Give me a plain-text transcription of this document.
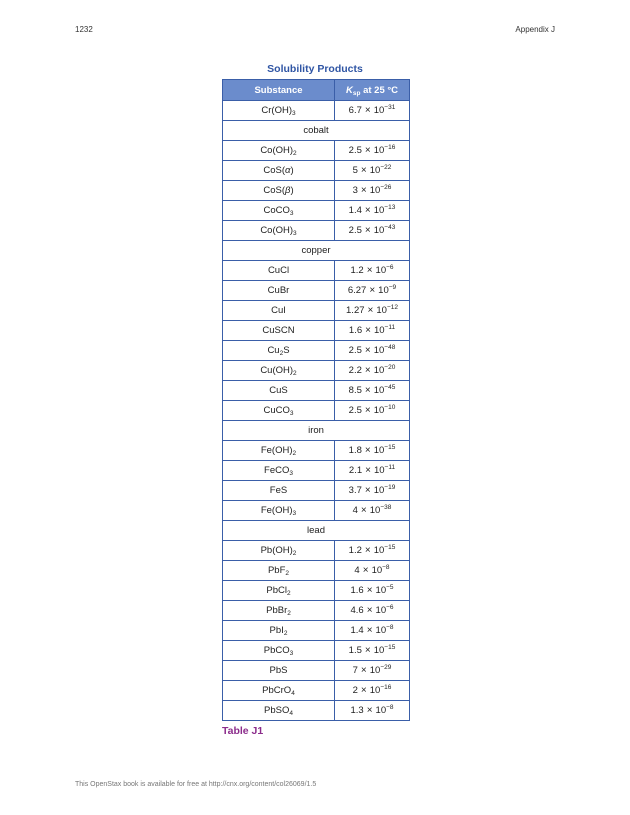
1232	Appendix J
Solubility Products
Substance	$K_{sp}$ at 25 °C
$Cr(OH)_3$	$6.7 \times 10^{-31}$
cobalt	
$Co(OH)_2$	$2.5 \times 10^{-16}$
CoS(α)	$5 \times 10^{-22}$
CoS(β)	$3 \times 10^{-26}$
CoCO$_3$	$1.4 \times 10^{-13}$
$Co(OH)_3$	$2.5 \times 10^{-43}$
copper	
CuCl	$1.2 \times 10^{-6}$
CuBr	$6.27 \times 10^{-9}$
CuI	$1.27 \times 10^{-12}$
CuSCN	$1.6 \times 10^{-11}$
$Cu_2S$	$2.5 \times 10^{-48}$
$Cu(OH)_2$	$2.2 \times 10^{-20}$
CuS	$8.5 \times 10^{-45}$
CuCO$_3$	$2.5 \times 10^{-10}$
iron	
$Fe(OH)_2$	$1.8 \times 10^{-15}$
FeCO$_3$	$2.1 \times 10^{-11}$
FeS	$3.7 \times 10^{-19}$
$Fe(OH)_3$	$4 \times 10^{-38}$
lead	
$Pb(OH)_2$	$1.2 \times 10^{-15}$
PbF$_2$	$4 \times 10^{-8}$
PbCl$_2$	$1.6 \times 10^{-5}$
PbBr$_2$	$4.6 \times 10^{-6}$
PbI$_2$	$1.4 \times 10^{-8}$
PbCO$_3$	$1.5 \times 10^{-15}$
PbS	$7 \times 10^{-29}$
PbCrO$_4$	$2 \times 10^{-16}$
PbSO$_4$	$1.3 \times 10^{-8}$
Table J1
This OpenStax book is available for free at http://cnx.org/content/col26069/1.5
